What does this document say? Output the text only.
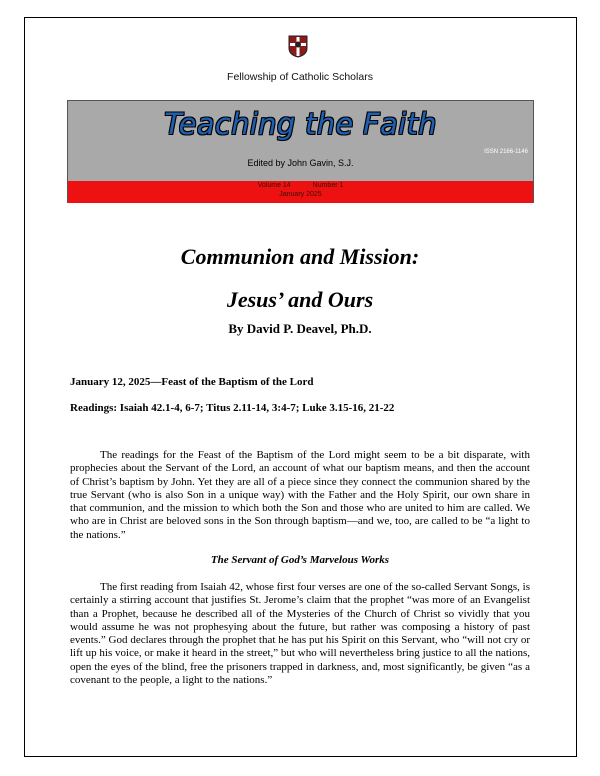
Fellowship of Catholic Scholars
Teaching the Faith
ISSN 2166-1146
Edited by John Gavin, S.J.
Volume 14	Number 1
January 2025
Communion and Mission:
Jesus’ and Ours
By David P. Deavel, Ph.D.
January 12, 2025—Feast of the Baptism of the Lord
Readings: Isaiah 42.1-4, 6-7; Titus 2.11-14, 3:4-7; Luke 3.15-16, 21-22

The readings for the Feast of the Baptism of the Lord might seem to be a bit disparate, with prophecies about the Servant of the Lord, an account of what our baptism means, and then the account of Christ’s baptism by John. Yet they are all of a piece since they connect the communion shared by the true Servant (who is also Son in a unique way) with the Father and the Holy Spirit, our own share in that communion, and the mission to which both the Son and those who are united to him are called. We who are in Christ are beloved sons in the Son through baptism—and we, too, are called to be “a light to the nations.”

The Servant of God’s Marvelous Works

The first reading from Isaiah 42, whose first four verses are one of the so-called Servant Songs, is certainly a stirring account that justifies St. Jerome’s claim that the prophet “was more of an Evangelist than a Prophet, because he described all of the Mysteries of the Church of Christ so vividly that you would assume he was not prophesying about the future, but rather was composing a history of past events.” God declares through the prophet that he has put his Spirit on this Servant, who “will not cry or lift up his voice, or make it heard in the street,” but who will nevertheless bring justice to all the nations, open the eyes of the blind, free the prisoners trapped in darkness, and, most significantly, be given “as a covenant to the people, a light to the nations.”
